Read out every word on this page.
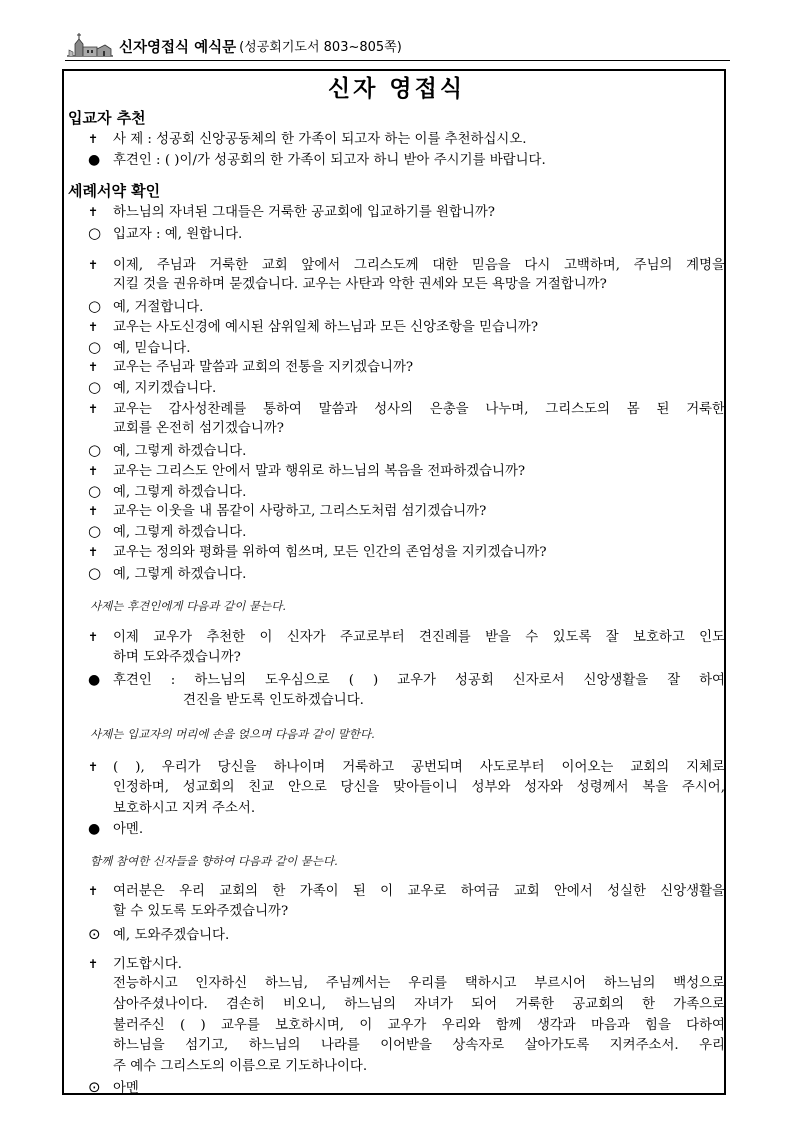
신자영접식 예식문 (성공회기도서 803~805쪽)
신자 영접식
입교자 추천
✝ 사 제 : 성공회 신앙공동체의 한 가족이 되고자 하는 이를 추천하십시오.
● 후견인 : ( )이/가 성공회의 한 가족이 되고자 하니 받아 주시기를 바랍니다.
세례서약 확인
✝ 하느님의 자녀된 그대들은 거룩한 공교회에 입교하기를 원합니까?
○ 입교자 : 예, 원합니다.
✝ 이제, 주님과 거룩한 교회 앞에서 그리스도께 대한 믿음을 다시 고백하며, 주님의 계명을
지킬 것을 권유하며 묻겠습니다. 교우는 사탄과 악한 권세와 모든 욕망을 거절합니까?
○ 예, 거절합니다.
✝ 교우는 사도신경에 예시된 삼위일체 하느님과 모든 신앙조항을 믿습니까?
○ 예, 믿습니다.
✝ 교우는 주님과 말씀과 교회의 전통을 지키겠습니까?
○ 예, 지키겠습니다.
✝ 교우는 감사성찬례를 통하여 말씀과 성사의 은총을 나누며, 그리스도의 몸 된 거룩한
교회를 온전히 섬기겠습니까?
○ 예, 그렇게 하겠습니다.
✝ 교우는 그리스도 안에서 말과 행위로 하느님의 복음을 전파하겠습니까?
○ 예, 그렇게 하겠습니다.
✝ 교우는 이웃을 내 몸같이 사랑하고, 그리스도처럼 섬기겠습니까?
○ 예, 그렇게 하겠습니다.
✝ 교우는 정의와 평화를 위하여 힘쓰며, 모든 인간의 존엄성을 지키겠습니까?
○ 예, 그렇게 하겠습니다.
사제는 후견인에게 다음과 같이 묻는다.
✝ 이제 교우가 추천한 이 신자가 주교로부터 견진례를 받을 수 있도록 잘 보호하고 인도
하며 도와주겠습니까?
● 후견인 : 하느님의 도우심으로 ( ) 교우가 성공회 신자로서 신앙생활을 잘 하여
견진을 받도록 인도하겠습니다.
사제는 입교자의 머리에 손을 얹으며 다음과 같이 말한다.
✝ ( ), 우리가 당신을 하나이며 거룩하고 공번되며 사도로부터 이어오는 교회의 지체로
인정하며, 성교회의 친교 안으로 당신을 맞아들이니 성부와 성자와 성령께서 복을 주시어,
보호하시고 지켜 주소서.
● 아멘.
함께 참여한 신자들을 향하여 다음과 같이 묻는다.
✝ 여러분은 우리 교회의 한 가족이 된 이 교우로 하여금 교회 안에서 성실한 신앙생활을
할 수 있도록 도와주겠습니까?
⊙ 예, 도와주겠습니다.
✝ 기도합시다.
전능하시고 인자하신 하느님, 주님께서는 우리를 택하시고 부르시어 하느님의 백성으로
삼아주셨나이다. 겸손히 비오니, 하느님의 자녀가 되어 거룩한 공교회의 한 가족으로
불러주신 ( ) 교우를 보호하시며, 이 교우가 우리와 함께 생각과 마음과 힘을 다하여
하느님을 섬기고, 하느님의 나라를 이어받을 상속자로 살아가도록 지켜주소서. 우리
주 예수 그리스도의 이름으로 기도하나이다.
⊙ 아멘
